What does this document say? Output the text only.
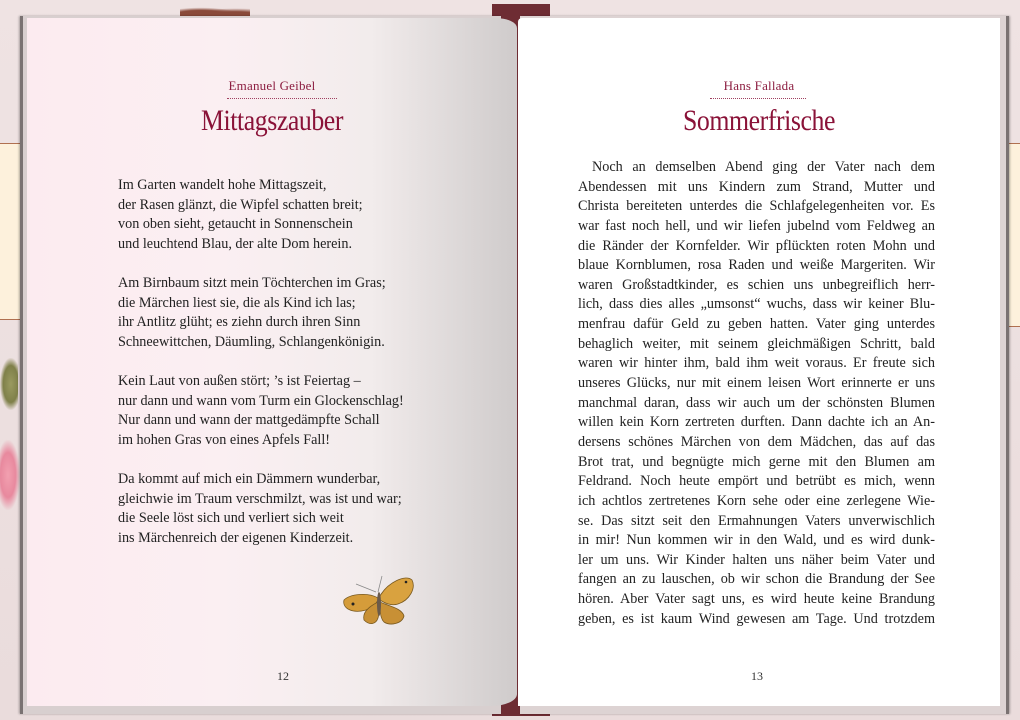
Emanuel Geibel
Mittagszauber
Im Garten wandelt hohe Mittagszeit,
der Rasen glänzt, die Wipfel schatten breit;
von oben sieht, getaucht in Sonnenschein
und leuchtend Blau, der alte Dom herein.
Am Birnbaum sitzt mein Töchterchen im Gras;
die Märchen liest sie, die als Kind ich las;
ihr Antlitz glüht; es ziehn durch ihren Sinn
Schneewittchen, Däumling, Schlangenkönigin.
Kein Laut von außen stört; ’s ist Feiertag –
nur dann und wann vom Turm ein Glockenschlag!
Nur dann und wann der mattgedämpfte Schall
im hohen Gras von eines Apfels Fall!
Da kommt auf mich ein Dämmern wunderbar,
gleichwie im Traum verschmilzt, was ist und war;
die Seele löst sich und verliert sich weit
ins Märchenreich der eigenen Kinderzeit.
12
Hans Fallada
Sommerfrische
Noch an demselben Abend ging der Vater nach dem
Abendessen mit uns Kindern zum Strand, Mutter und
Christa bereiteten unterdes die Schlafgelegenheiten vor. Es
war fast noch hell, und wir liefen jubelnd vom Feldweg an
die Ränder der Kornfelder. Wir pflückten roten Mohn und
blaue Kornblumen, rosa Raden und weiße Margeriten. Wir
waren Großstadtkinder, es schien uns unbegreiflich herr-
lich, dass dies alles „umsonst“ wuchs, dass wir keiner Blu-
menfrau dafür Geld zu geben hatten. Vater ging unterdes
behaglich weiter, mit seinem gleichmäßigen Schritt, bald
waren wir hinter ihm, bald ihm weit voraus. Er freute sich
unseres Glücks, nur mit einem leisen Wort erinnerte er uns
manchmal daran, dass wir auch um der schönsten Blumen
willen kein Korn zertreten durften. Dann dachte ich an An-
dersens schönes Märchen von dem Mädchen, das auf das
Brot trat, und begnügte mich gerne mit den Blumen am
Feldrand. Noch heute empört und betrübt es mich, wenn
ich achtlos zertretenes Korn sehe oder eine zerlegene Wie-
se. Das sitzt seit den Ermahnungen Vaters unverwischlich
in mir! Nun kommen wir in den Wald, und es wird dunk-
ler um uns. Wir Kinder halten uns näher beim Vater und
fangen an zu lauschen, ob wir schon die Brandung der See
hören. Aber Vater sagt uns, es wird heute keine Brandung
geben, es ist kaum Wind gewesen am Tage. Und trotzdem
13
